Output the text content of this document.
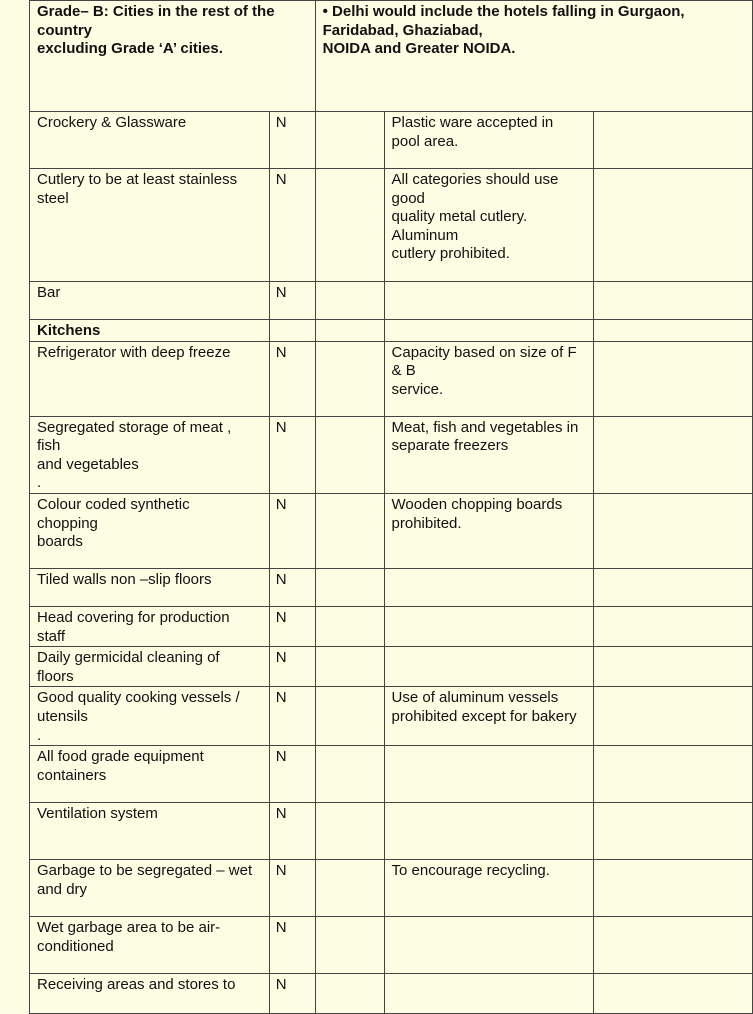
Grade– B: Cities in the rest of the
country
excluding Grade ‘A’ cities.		• Delhi would include the hotels falling in Gurgaon,
Faridabad, Ghaziabad,
NOIDA and Greater NOIDA.		
Crockery & Glassware	N		Plastic ware accepted in
pool area.	
Cutlery to be at least stainless
steel	N		All categories should use
good
quality metal cutlery.
Aluminum
cutlery prohibited.	
Bar	N			
Kitchens				
Refrigerator with deep freeze	N		Capacity based on size of F
& B
service.	
Segregated storage of meat ,
fish
and vegetables
.	N		Meat, fish and vegetables in
separate freezers	
Colour coded synthetic
chopping
boards	N		Wooden chopping boards
prohibited.	
Tiled walls non –slip floors	N			
Head covering for production
staff	N			
Daily germicidal cleaning of
floors	N			
Good quality cooking vessels /
utensils
.	N		Use of aluminum vessels
prohibited except for bakery	
All food grade equipment
containers	N			
Ventilation system	N			
Garbage to be segregated – wet
and dry	N		To encourage recycling.	
Wet garbage area to be air-
conditioned	N			
Receiving areas and stores to	N			
